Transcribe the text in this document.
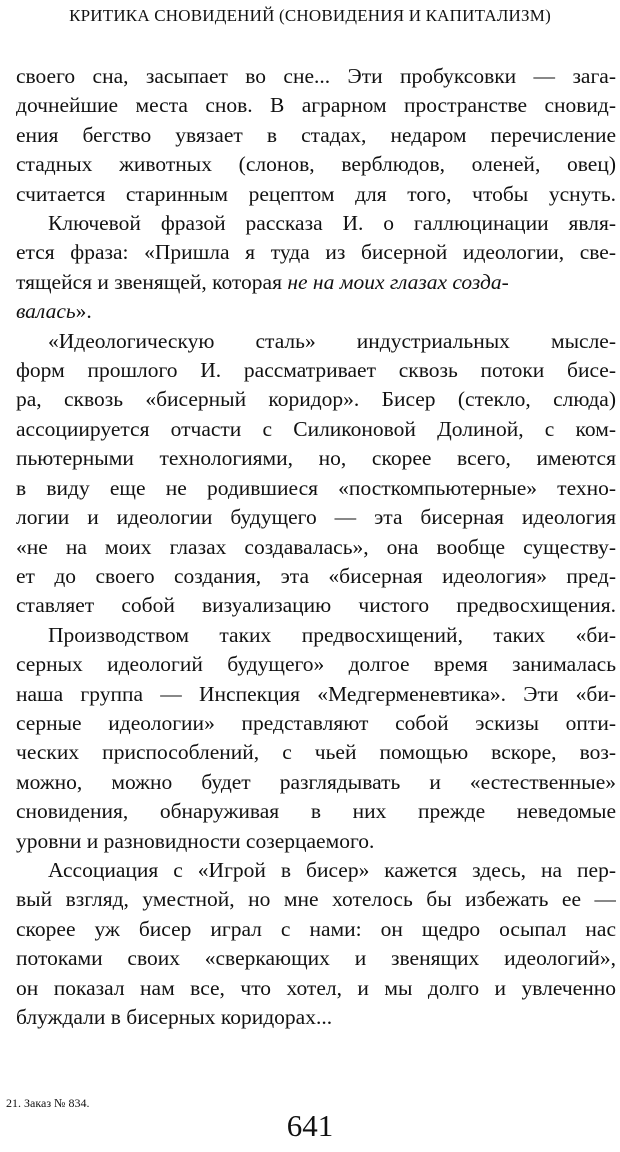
КРИТИКА СНОВИДЕНИЙ (СНОВИДЕНИЯ И КАПИТАЛИЗМ)
своего сна, засыпает во сне... Эти пробуксовки — зага-
дочнейшие места снов. В аграрном пространстве сновид-
ения бегство увязает в стадах, недаром перечисление
стадных животных (слонов, верблюдов, оленей, овец)
считается старинным рецептом для того, чтобы уснуть.
Ключевой фразой рассказа И. о галлюцинации явля-
ется фраза: «Пришла я туда из бисерной идеологии, све-
тящейся и звенящей, которая не на моих глазах созда-
валась».
«Идеологическую сталь» индустриальных мысле-
форм прошлого И. рассматривает сквозь потоки бисе-
ра, сквозь «бисерный коридор». Бисер (стекло, слюда)
ассоциируется отчасти с Силиконовой Долиной, с ком-
пьютерными технологиями, но, скорее всего, имеются
в виду еще не родившиеся «посткомпьютерные» техно-
логии и идеологии будущего — эта бисерная идеология
«не на моих глазах создавалась», она вообще существу-
ет до своего создания, эта «бисерная идеология» пред-
ставляет собой визуализацию чистого предвосхищения.
Производством таких предвосхищений, таких «би-
серных идеологий будущего» долгое время занималась
наша группа — Инспекция «Медгерменевтика». Эти «би-
серные идеологии» представляют собой эскизы опти-
ческих приспособлений, с чьей помощью вскоре, воз-
можно, можно будет разглядывать и «естественные»
сновидения, обнаруживая в них прежде неведомые
уровни и разновидности созерцаемого.
Ассоциация с «Игрой в бисер» кажется здесь, на пер-
вый взгляд, уместной, но мне хотелось бы избежать ее —
скорее уж бисер играл с нами: он щедро осыпал нас
потоками своих «сверкающих и звенящих идеологий»,
он показал нам все, что хотел, и мы долго и увлеченно
блуждали в бисерных коридорах...
21. Заказ № 834.
641
